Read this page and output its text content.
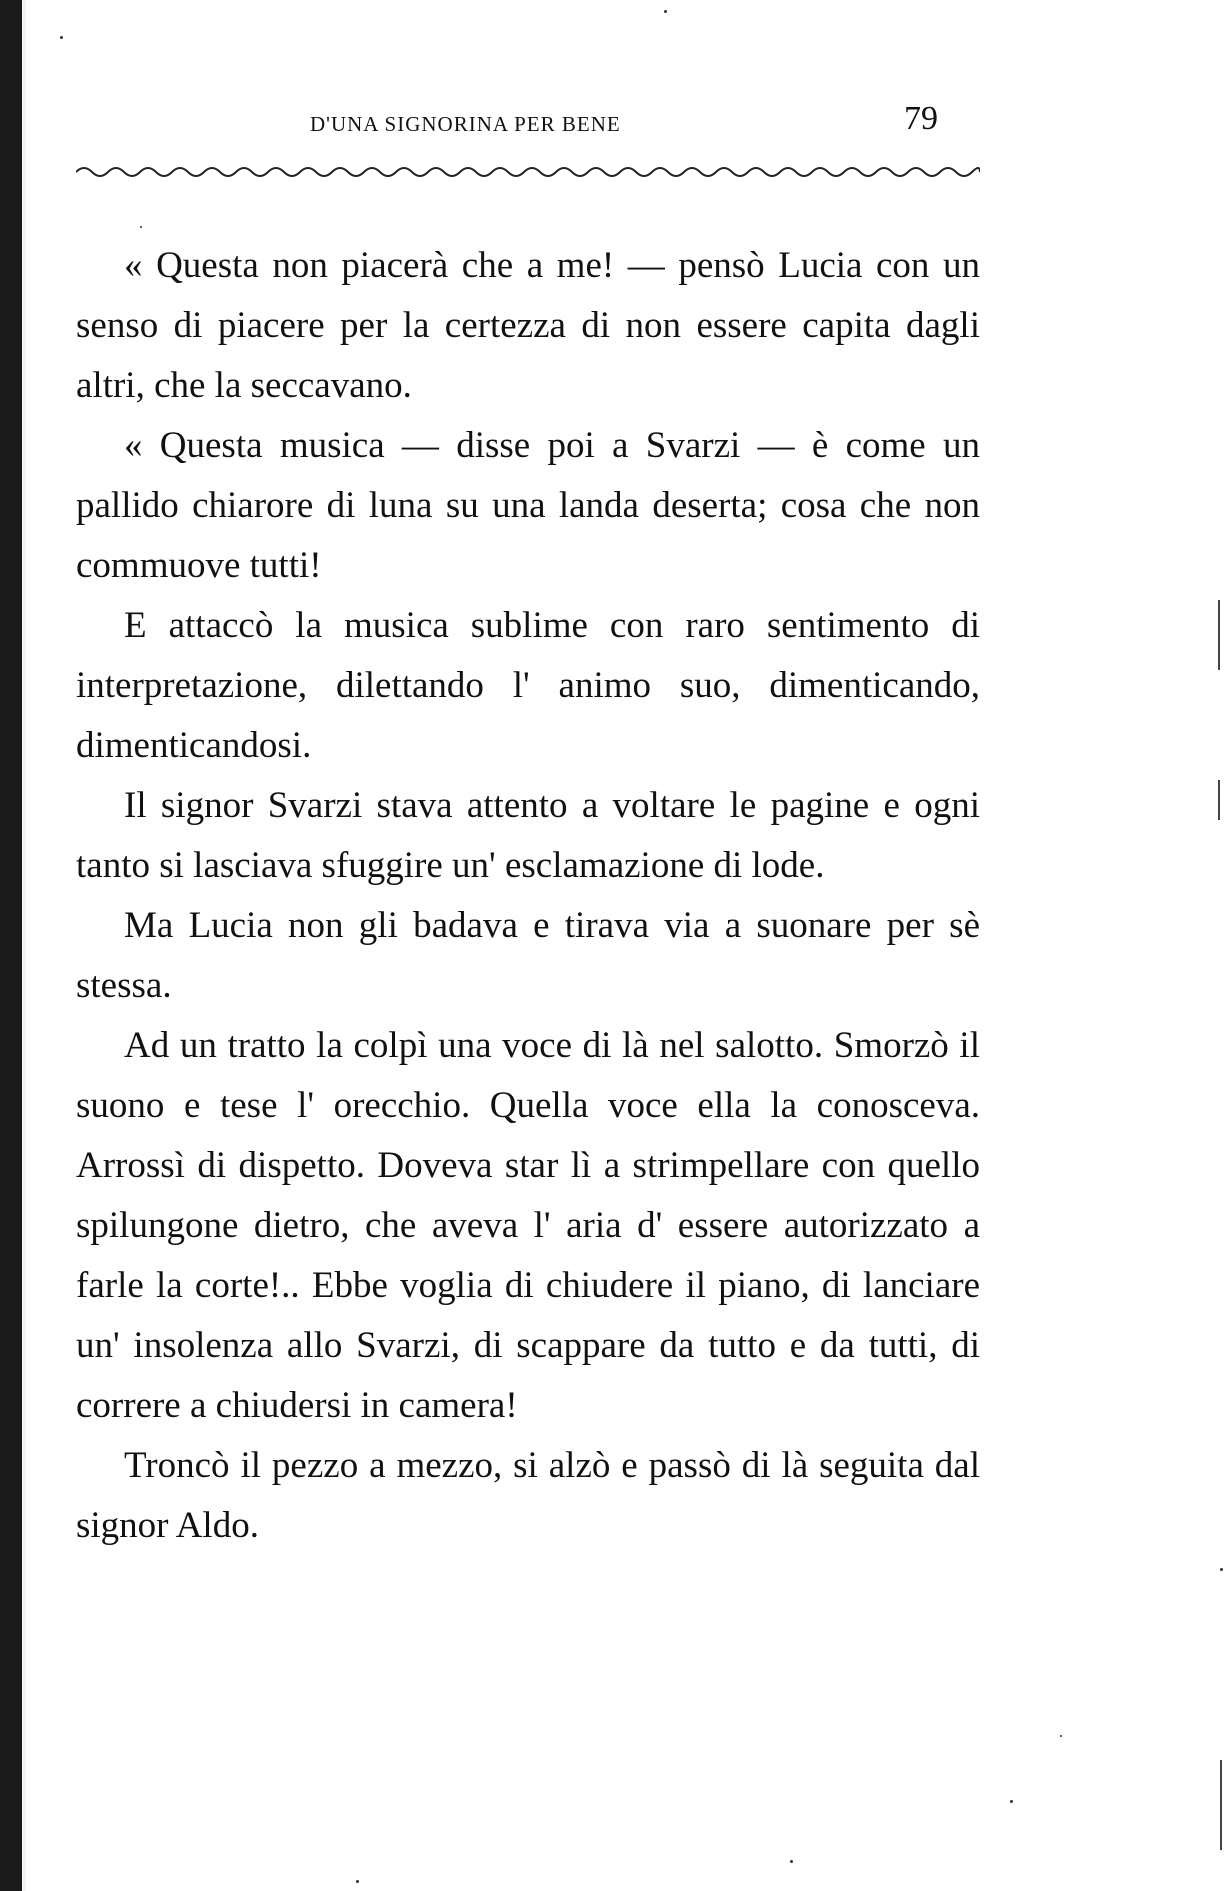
D'UNA SIGNORINA PER BENE	79

« Questa non piacerà che a me! — pensò Lucia con un senso di piacere per la certezza di non essere capita dagli altri, che la seccavano.

« Questa musica — disse poi a Svarzi — è come un pallido chiarore di luna su una landa deserta; cosa che non commuove tutti!

E attaccò la musica sublime con raro sentimento di interpretazione, dilettando l' animo suo, dimenticando, dimenticandosi.

Il signor Svarzi stava attento a voltare le pagine e ogni tanto si lasciava sfuggire un' esclamazione di lode.

Ma Lucia non gli badava e tirava via a suonare per sè stessa.

Ad un tratto la colpì una voce di là nel salotto. Smorzò il suono e tese l' orecchio. Quella voce ella la conosceva. Arrossì di dispetto. Doveva star lì a strimpellare con quello spilungone dietro, che aveva l' aria d' essere autorizzato a farle la corte!.. Ebbe voglia di chiudere il piano, di lanciare un' insolenza allo Svarzi, di scappare da tutto e da tutti, di correre a chiudersi in camera!

Troncò il pezzo a mezzo, si alzò e passò di là seguita dal signor Aldo.
